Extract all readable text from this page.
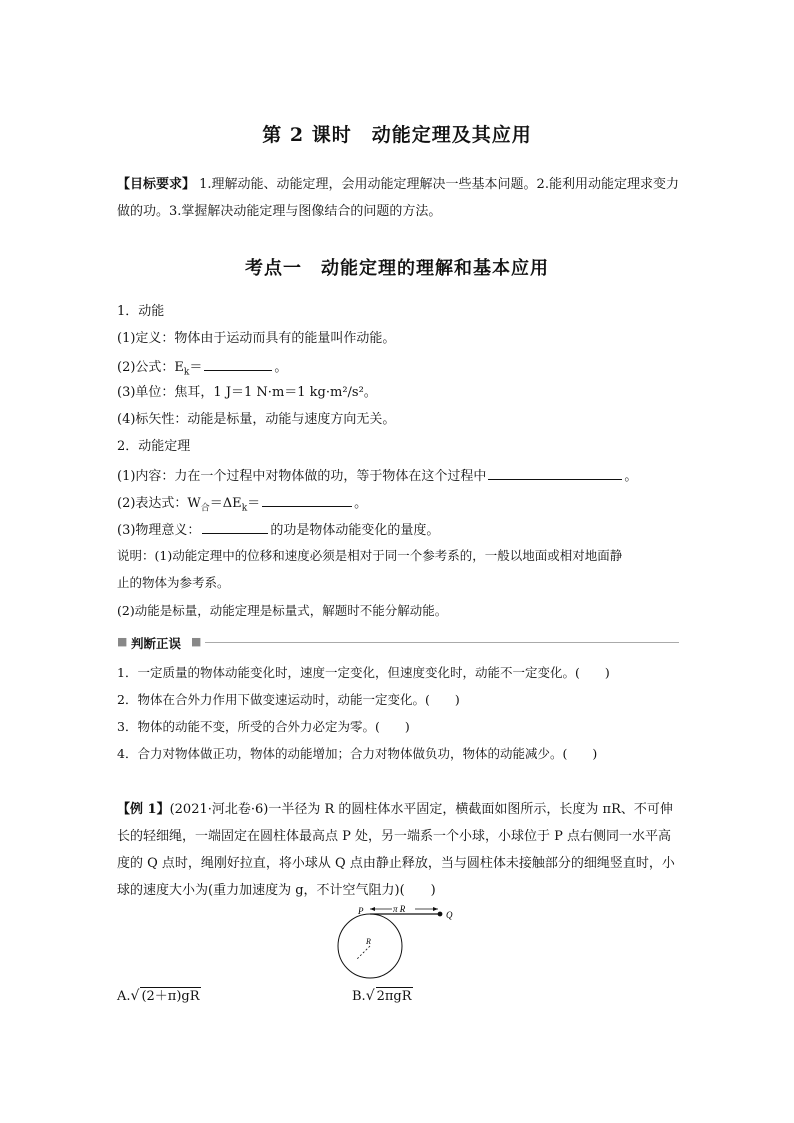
第 2 课时　动能定理及其应用
【目标要求】 1.理解动能、动能定理，会用动能定理解决一些基本问题。2.能利用动能定理求变力做的功。3.掌握解决动能定理与图像结合的问题的方法。
考点一　动能定理的理解和基本应用
1．动能
(1)定义：物体由于运动而具有的能量叫作动能。
(2)公式：$E_k=$	。
(3)单位：焦耳，1 J＝1 N·m＝1 kg·m²/s²。
(4)标矢性：动能是标量，动能与速度方向无关。
2．动能定理
(1)内容：力在一个过程中对物体做的功，等于物体在这个过程中	。
(2)表达式：$W_合=\Delta E_k=$	。
(3)物理意义：	的功是物体动能变化的量度。
说明：(1)动能定理中的位移和速度必须是相对于同一个参考系的，一般以地面或相对地面静
止的物体为参考系。
(2)动能是标量，动能定理是标量式，解题时不能分解动能。
■ 判断正误 ■
1．一定质量的物体动能变化时，速度一定变化，但速度变化时，动能不一定变化。(　　)
2．物体在合外力作用下做变速运动时，动能一定变化。(　　)
3．物体的动能不变，所受的合外力必定为零。(　　)
4．合力对物体做正功，物体的动能增加；合力对物体做负功，物体的动能减少。(　　)
【例 1】(2021·河北卷·6)一半径为 R 的圆柱体水平固定，横截面如图所示，长度为 πR、不可伸长的轻细绳，一端固定在圆柱体最高点 P 处，另一端系一个小球，小球位于 P 点右侧同一水平高度的 Q 点时，绳刚好拉直，将小球从 Q 点由静止释放，当与圆柱体未接触部分的细绳竖直时，小球的速度大小为(重力加速度为 g，不计空气阻力)(　　)
π R
P	Q
R
A.√ (2＋π)gR	B.√ 2πgR
